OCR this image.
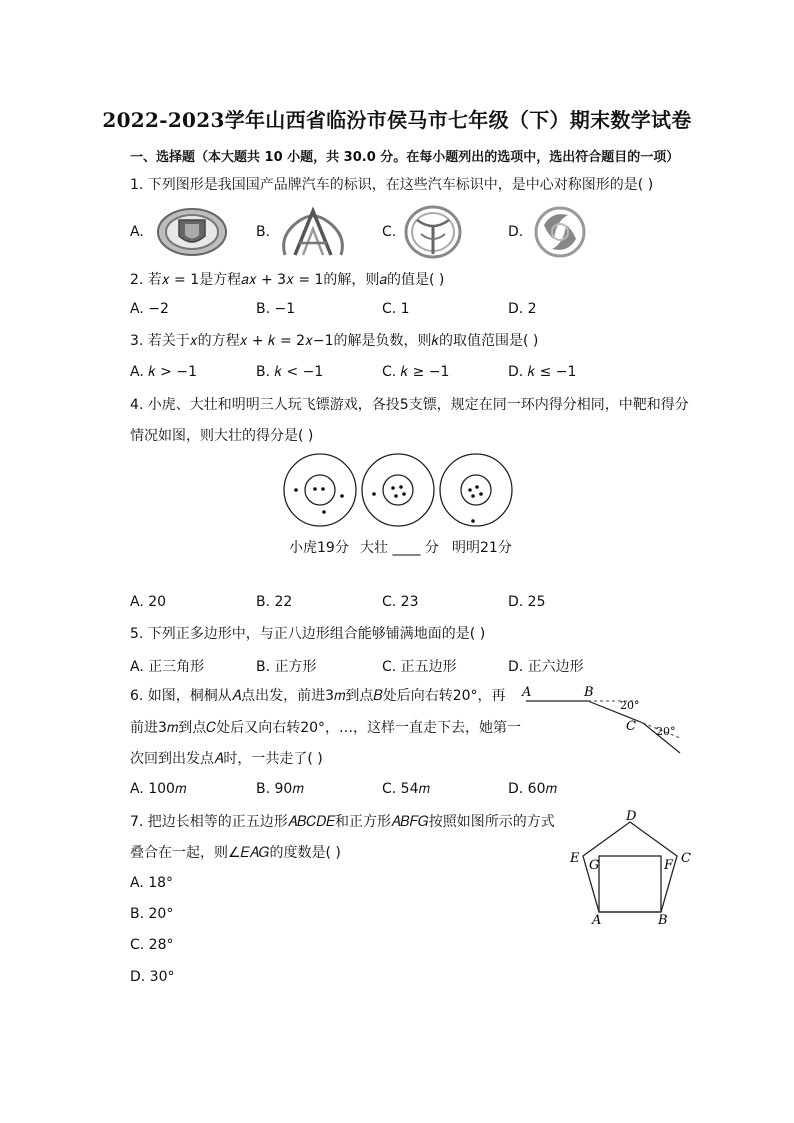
2022-2023学年山西省临汾市侯马市七年级（下）期末数学试卷
一、选择题（本大题共 10 小题，共 30.0 分。在每小题列出的选项中，选出符合题目的一项）
1. 下列图形是我国国产品牌汽车的标识，在这些汽车标识中，是中心对称图形的是( )
A.	B.	C.	D.
2. 若𝑥 = 1是方程𝑎𝑥 + 3𝑥 = 1的解，则𝑎的值是( )
A. −2	B. −1	C. 1	D. 2
3. 若关于𝑥的方程𝑥 + 𝑘 = 2𝑥−1的解是负数，则𝑘的取值范围是( )
A. 𝑘 > −1	B. 𝑘 < −1	C. 𝑘 ≥ −1	D. 𝑘 ≤ −1
4. 小虎、大壮和明明三人玩飞镖游戏，各投5支镖，规定在同一环内得分相同，中靶和得分
情况如图，则大壮的得分是( )
小虎19分 大壮 ____ 分 明明21分
A. 20	B. 22	C. 23	D. 25
5. 下列正多边形中，与正八边形组合能够铺满地面的是( )
A. 正三角形	B. 正方形	C. 正五边形	D. 正六边形
6. 如图，桐桐从𝐴点出发，前进3𝑚到点𝐵处后向右转20°，再
前进3𝑚到点𝐶处后又向右转20°，…，这样一直走下去，她第一
次回到出发点𝐴时，一共走了( )
A	B
C
20°
20°
A. 100𝑚	B. 90𝑚	C. 54𝑚	D. 60𝑚
7. 把边长相等的正五边形𝐴𝐵𝐶𝐷𝐸和正方形𝐴𝐵𝐹𝐺按照如图所示的方式
叠合在一起，则∠𝐸𝐴𝐺的度数是( )
D
C
E G	F
A	B
A. 18°
B. 20°
C. 28°
D. 30°
